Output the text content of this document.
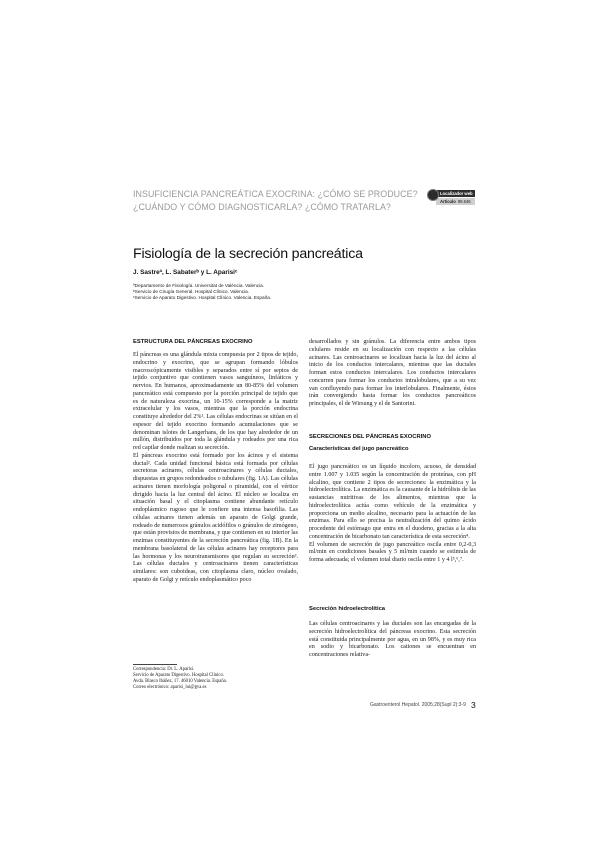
INSUFICIENCIA PANCREÁTICA EXOCRINA: ¿CÓMO SE PRODUCE?
¿CUÁNDO Y CÓMO DIAGNOSTICARLA? ¿CÓMO TRATARLA?
Localizador web
Artículo 99.646
Fisiología de la secreción pancreática
J. Sastreª, L. Sabaterᵇ y L. Aparisiᶜ
ªDepartamento de Fisiología. Universitat de València. Valencia.
ᵇServicio de Cirugía General. Hospital Clínico. Valencia.
ᶜServicio de Aparato Digestivo. Hospital Clínico. Valencia. España.
ESTRUCTURA DEL PÁNCREAS EXOCRINO

El páncreas es una glándula mixta compuesta por 2 tipos de tejido, endocrino y exocrino, que se agrupan formando lóbulos macroscópicamente visibles y separados entre sí por septos de tejido conjuntivo que contienen vasos sanguíneos, linfáticos y nervios. En humanos, aproximadamente un 80-85% del volumen pancreático está compuesto por la porción principal de tejido que es de naturaleza exocrina, un 10-15% corresponde a la matriz extracelular y los vasos, mientras que la porción endocrina constituye alrededor del 2%¹. Las células endocrinas se sitúan en el espesor del tejido exocrino formando acumulaciones que se denominan islotes de Langerhans, de los que hay alrededor de un millón, distribuidos por toda la glándula y rodeados por una rica red capilar donde realizan su secreción.

El páncreas exocrino está formado por los ácinos y el sistema ductal². Cada unidad funcional básica está formada por células secretoras acinares, células centroacinares y células ductales, dispuestas en grupos redondeados o tubulares (fig. 1A). Las células acinares tienen morfología poligonal o piramidal, con el vértice dirigido hacia la luz central del ácino. El núcleo se localiza en situación basal y el citoplasma contiene abundante retículo endoplásmico rugoso que le confiere una intensa basofilia. Las células acinares tienen además un aparato de Golgi grande, rodeado de numerosos gránulos acidófilos o gránulos de zimógeno, que están provistos de membrana, y que contienen en su interior las enzimas constituyentes de la secreción pancreática (fig. 1B). En la membrana basolateral de las células acinares hay receptores para las hormonas y los neurotransmisores que regulan su secreción³. Las células ductales y centroacinares tienen características similares: son cuboideas, con citoplasma claro, núcleo ovalado, aparato de Golgi y retículo endoplasmático poco

Correspondencia: Dr. L. Aparisi.
Servicio de Aparato Digestivo. Hospital Clínico.
Avda. Blasco Ibáñez, 17. 46010 Valencia. España.
Correo electrónico: aparisi_lui@gva.es

desarrollados y sin gránulos. La diferencia entre ambos tipos celulares reside en su localización con respecto a las células acinares. Las centroacinares se localizan hacia la luz del ácino al inicio de los conductos intercalares, mientras que las ductales forman estos conductos intercalares. Los conductos intercalares concurren para formar los conductos intralobulares, que a su vez van confluyendo para formar los interlobulares. Finalmente, éstos irán convergiendo hasta formar los conductos pancreáticos principales, el de Wirsung y el de Santorini.

SECRECIONES DEL PÁNCREAS EXOCRINO
Características del jugo pancreático

El jugo pancreático es un líquido incoloro, acuoso, de densidad entre 1.007 y 1.035 según la concentración de proteínas, con pH alcalino, que contiene 2 tipos de secreciones: la enzimática y la hidroelectrolítica. La enzimática es la causante de la hidrólisis de las sustancias nutritivas de los alimentos, mientras que la hidroelectrolítica actúa como vehículo de la enzimática y proporciona un medio alcalino, necesario para la actuación de las enzimas. Para ello se precisa la neutralización del quimo ácido procedente del estómago que entra en el duodeno, gracias a la alta concentración de bicarbonato tan característica de esta secreción⁴.

El volumen de secreción de jugo pancreático oscila entre 0,2-0,3 ml/min en condiciones basales y 5 ml/min cuando se estimula de forma adecuada; el volumen total diario oscila entre 1 y 4 l⁵,⁶,⁷.

Secreción hidroelectrolítica

Las células centroacinares y las ductales son las encargadas de la secreción hidroelectrolítica del páncreas exocrino. Esta secreción está constituida principalmente por agua, en un 98%, y es muy rica en sodio y bicarbonato. Los cationes se encuentran en concentraciones relativa-

Gastroenterol Hepatol. 2005;28(Supl 2):3-9 3
